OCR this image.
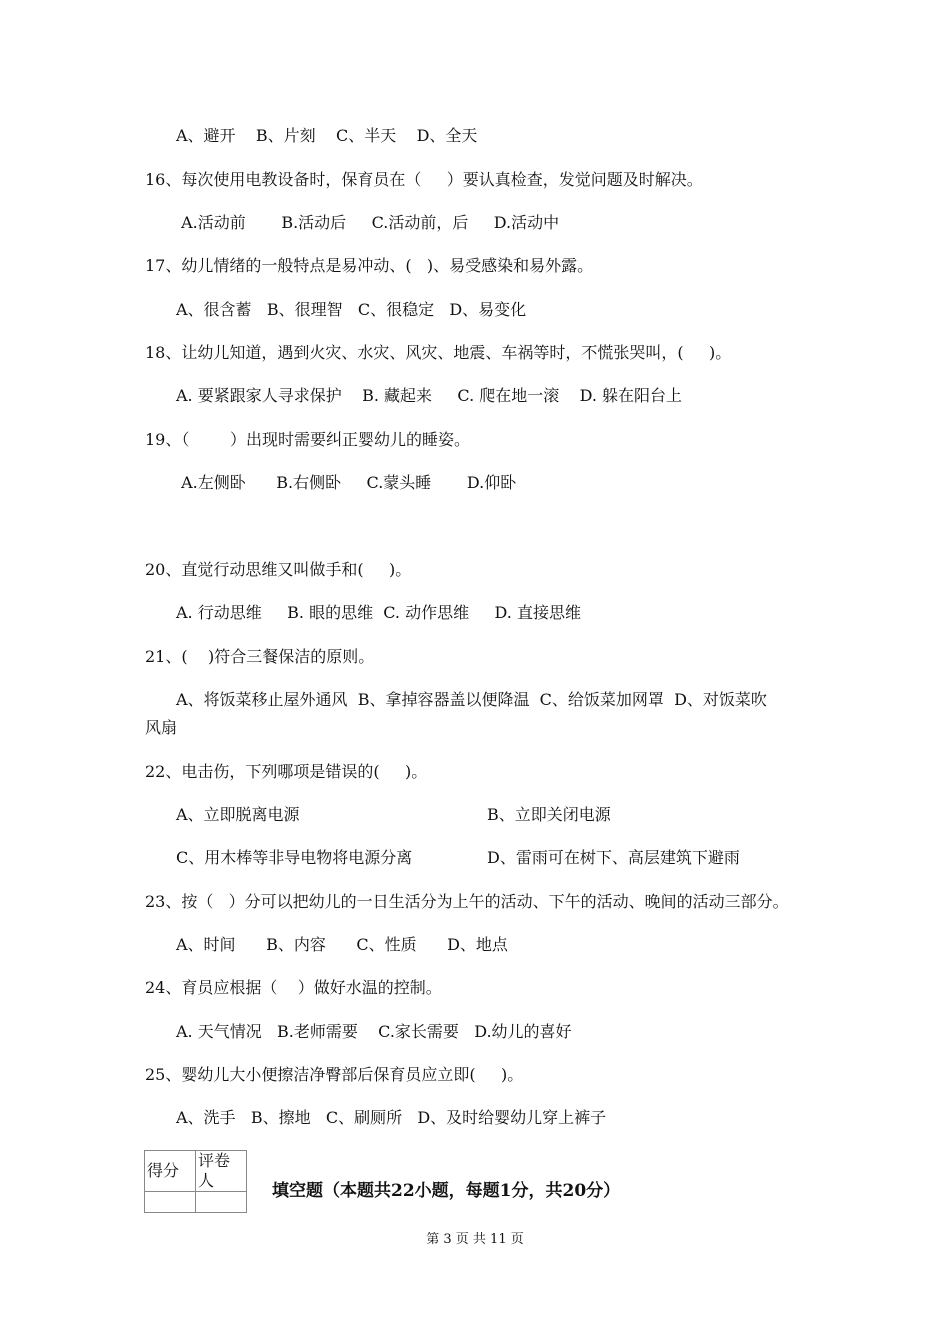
A、避开    B、片刻    C、半天    D、全天
16、每次使用电教设备时，保育员在（     ）要认真检查，发觉问题及时解决。
A.活动前       B.活动后     C.活动前，后     D.活动中
17、幼儿情绪的一般特点是易冲动、(   )、易受感染和易外露。
A、很含蓄   B、很理智   C、很稳定   D、易变化
18、让幼儿知道，遇到火灾、水灾、风灾、地震、车祸等时，不慌张哭叫，(     )。
A. 要紧跟家人寻求保护    B. 藏起来     C. 爬在地一滚    D. 躲在阳台上
19、（        ）出现时需要纠正婴幼儿的睡姿。
A.左侧卧      B.右侧卧     C.蒙头睡       D.仰卧
20、直觉行动思维又叫做手和(     )。
A. 行动思维     B. 眼的思维  C. 动作思维     D. 直接思维
21、(    )符合三餐保洁的原则。
A、将饭菜移止屋外通风  B、拿掉容器盖以便降温  C、给饭菜加网罩  D、对饭菜吹
风扇
22、电击伤，下列哪项是错误的(     )。
A、立即脱离电源	B、立即关闭电源
C、用木棒等非导电物将电源分离	D、雷雨可在树下、高层建筑下避雨
23、按（   ）分可以把幼儿的一日生活分为上午的活动、下午的活动、晚间的活动三部分。
A、时间      B、内容      C、性质      D、地点
24、育员应根据（    ）做好水温的控制。
A. 天气情况   B.老师需要    C.家长需要   D.幼儿的喜好
25、婴幼儿大小便擦洁净臀部后保育员应立即(     )。
A、洗手   B、擦地   C、刷厕所   D、及时给婴幼儿穿上裤子
得分	评卷人

填空题（本题共22小题，每题1分，共20分）
第 3 页 共 11 页
